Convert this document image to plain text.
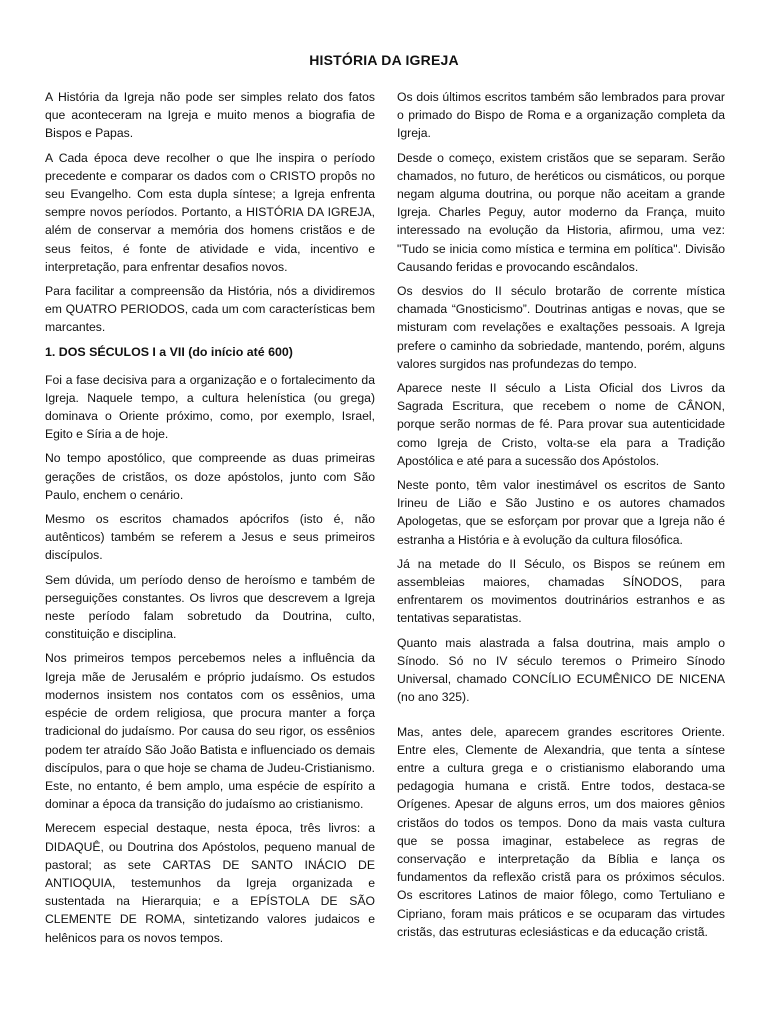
HISTÓRIA DA IGREJA

A História da Igreja não pode ser simples relato dos fatos que aconteceram na Igreja e muito menos a biografia de Bispos e Papas.

A Cada época deve recolher o que lhe inspira o período precedente e comparar os dados com o CRISTO propôs no seu Evangelho. Com esta dupla síntese; a Igreja enfrenta sempre novos períodos. Portanto, a HISTÓRIA DA IGREJA, além de conservar a memória dos homens cristãos e de seus feitos, é fonte de atividade e vida, incentivo e interpretação, para enfrentar desafios novos.

Para facilitar a compreensão da História, nós a dividiremos em QUATRO PERIODOS, cada um com características bem marcantes.

1. DOS SÉCULOS I a VII (do início até 600)

Foi a fase decisiva para a organização e o fortalecimento da Igreja. Naquele tempo, a cultura helenística (ou grega) dominava o Oriente próximo, como, por exemplo, Israel, Egito e Síria a de hoje.

No tempo apostólico, que compreende as duas primeiras gerações de cristãos, os doze apóstolos, junto com São Paulo, enchem o cenário.

Mesmo os escritos chamados apócrifos (isto é, não autênticos) também se referem a Jesus e seus primeiros discípulos.

Sem dúvida, um período denso de heroísmo e também de perseguições constantes. Os livros que descrevem a Igreja neste período falam sobretudo da Doutrina, culto, constituição e disciplina.

Nos primeiros tempos percebemos neles a influência da Igreja mãe de Jerusalém e próprio judaísmo. Os estudos modernos insistem nos contatos com os essênios, uma espécie de ordem religiosa, que procura manter a força tradicional do judaísmo. Por causa do seu rigor, os essênios podem ter atraído São João Batista e influenciado os demais discípulos, para o que hoje se chama de Judeu-Cristianismo. Este, no entanto, é bem amplo, uma espécie de espírito a dominar a época da transição do judaísmo ao cristianismo.

Merecem especial destaque, nesta época, três livros: a DIDAQUÊ, ou Doutrina dos Apóstolos, pequeno manual de pastoral; as sete CARTAS DE SANTO INÁCIO DE ANTIOQUIA, testemunhos da Igreja organizada e sustentada na Hierarquia; e a EPÍSTOLA DE SÃO CLEMENTE DE ROMA, sintetizando valores judaicos e helênicos para os novos tempos.

Os dois últimos escritos também são lembrados para provar o primado do Bispo de Roma e a organização completa da Igreja.

Desde o começo, existem cristãos que se separam. Serão chamados, no futuro, de heréticos ou cismáticos, ou porque negam alguma doutrina, ou porque não aceitam a grande Igreja. Charles Peguy, autor moderno da França, muito interessado na evolução da Historia, afirmou, uma vez: "Tudo se inicia como mística e termina em política". Divisão Causando feridas e provocando escândalos.

Os desvios do II século brotarão de corrente mística chamada “Gnosticismo”. Doutrinas antigas e novas, que se misturam com revelações e exaltações pessoais. A Igreja prefere o caminho da sobriedade, mantendo, porém, alguns valores surgidos nas profundezas do tempo.

Aparece neste II século a Lista Oficial dos Livros da Sagrada Escritura, que recebem o nome de CÂNON, porque serão normas de fé. Para provar sua autenticidade como Igreja de Cristo, volta-se ela para a Tradição Apostólica e até para a sucessão dos Apóstolos.

Neste ponto, têm valor inestimável os escritos de Santo Irineu de Lião e São Justino e os autores chamados Apologetas, que se esforçam por provar que a Igreja não é estranha a História e à evolução da cultura filosófica.

Já na metade do II Século, os Bispos se reúnem em assembleias maiores, chamadas SÍNODOS, para enfrentarem os movimentos doutrinários estranhos e as tentativas separatistas.

Quanto mais alastrada a falsa doutrina, mais amplo o Sínodo. Só no IV século teremos o Primeiro Sínodo Universal, chamado CONCÍLIO ECUMÊNICO DE NICENA (no ano 325).

Mas, antes dele, aparecem grandes escritores Oriente. Entre eles, Clemente de Alexandria, que tenta a síntese entre a cultura grega e o cristianismo elaborando uma pedagogia humana e cristã. Entre todos, destaca-se Orígenes. Apesar de alguns erros, um dos maiores gênios cristãos do todos os tempos. Dono da mais vasta cultura que se possa imaginar, estabelece as regras de conservação e interpretação da Bíblia e lança os fundamentos da reflexão cristã para os próximos séculos. Os escritores Latinos de maior fôlego, como Tertuliano e Cipriano, foram mais práticos e se ocuparam das virtudes cristãs, das estruturas eclesiásticas e da educação cristã.
